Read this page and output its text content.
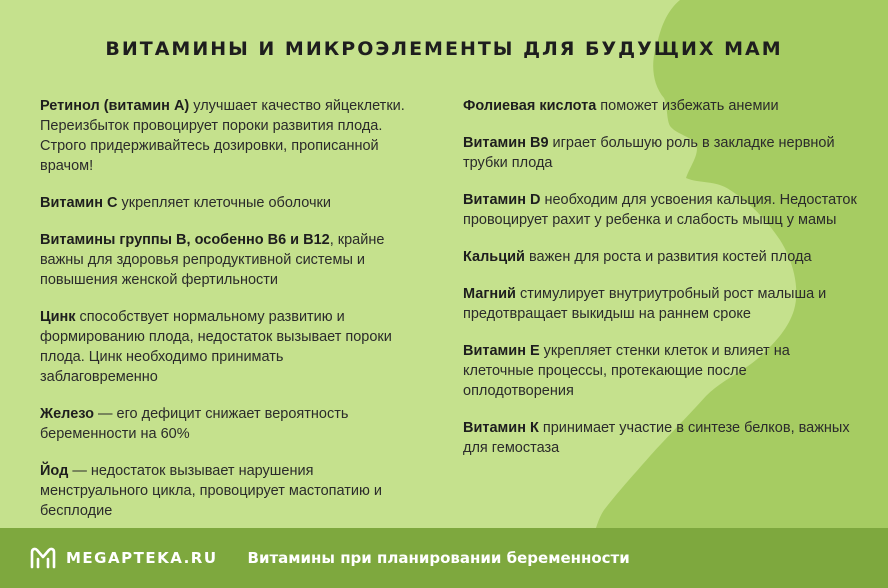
ВИТАМИНЫ И МИКРОЭЛЕМЕНТЫ ДЛЯ БУДУЩИХ МАМ

Ретинол (витамин А) улучшает качество яйцеклетки. Переизбыток провоцирует пороки развития плода. Строго придерживайтесь дозировки, прописанной врачом!

Витамин С укрепляет клеточные оболочки

Витамины группы В, особенно В6 и В12, крайне важны для здоровья репродуктивной системы и повышения женской фертильности

Цинк способствует нормальному развитию и формированию плода, недостаток вызывает пороки плода. Цинк необходимо принимать заблаговременно

Железо — его дефицит снижает вероятность беременности на 60%

Йод — недостаток вызывает нарушения менструального цикла, провоцирует мастопатию и бесплодие

Фолиевая кислота поможет избежать анемии

Витамин В9 играет большую роль в закладке нервной трубки плода

Витамин D необходим для усвоения кальция. Недостаток провоцирует рахит у ребенка и слабость мышц у мамы

Кальций важен для роста и развития костей плода

Магний стимулирует внутриутробный рост малыша и предотвращает выкидыш на раннем сроке

Витамин Е укрепляет стенки клеток и влияет на клеточные процессы, протекающие после оплодотворения

Витамин К принимает участие в синтезе белков, важных для гемостаза

MEGAPTEKA.RU Витамины при планировании беременности
